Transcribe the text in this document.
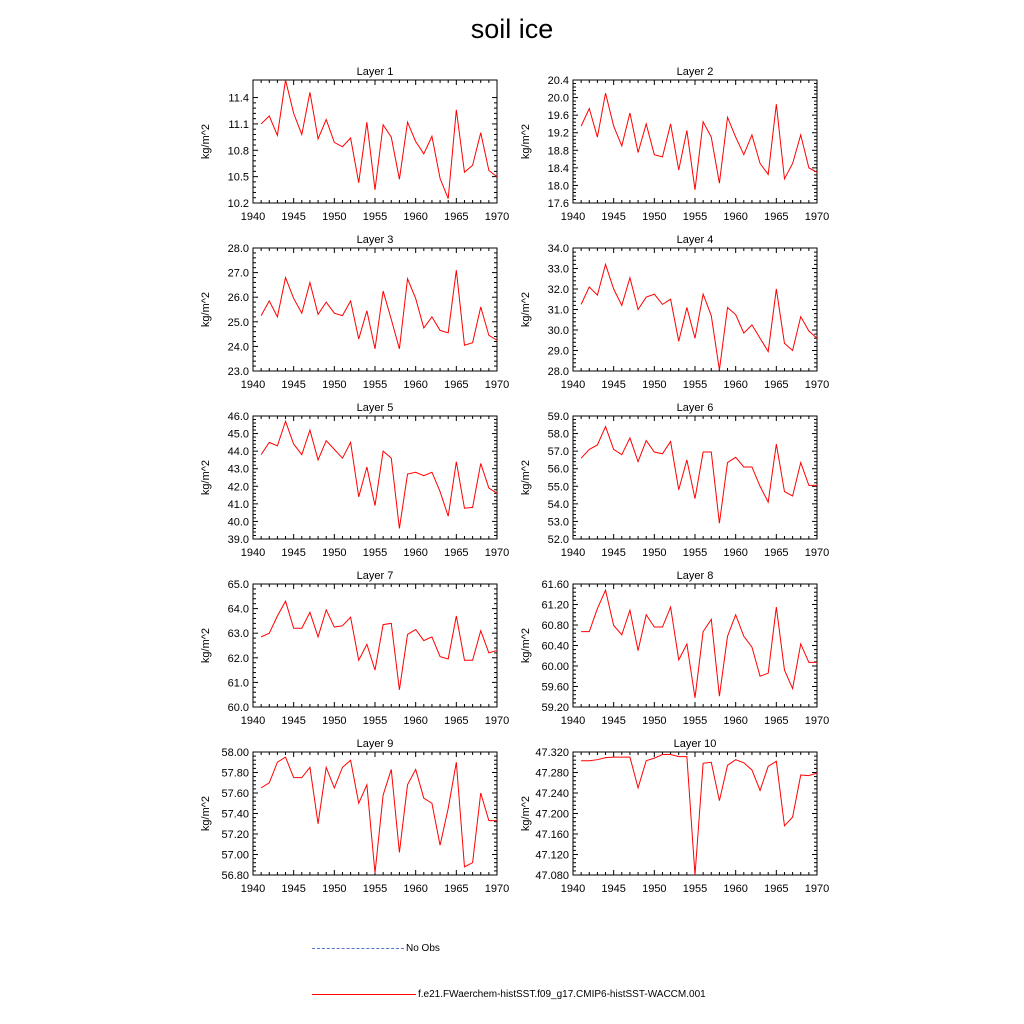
soil ice
Layer 1
kg/m^2
1940 1945 1950 1955 1960 1965 1970
10.2
10.5
10.8
11.1
11.4
Layer 2
kg/m^2
1940 1945 1950 1955 1960 1965 1970
17.6
18.0
18.4
18.8
19.2
19.6
20.0
20.4
Layer 3
kg/m^2
1940 1945 1950 1955 1960 1965 1970
23.0
24.0
25.0
26.0
27.0
28.0
Layer 4
kg/m^2
1940 1945 1950 1955 1960 1965 1970
28.0
29.0
30.0
31.0
32.0
33.0
34.0
Layer 5
kg/m^2
1940 1945 1950 1955 1960 1965 1970
39.0
40.0
41.0
42.0
43.0
44.0
45.0
46.0
Layer 6
kg/m^2
1940 1945 1950 1955 1960 1965 1970
52.0
53.0
54.0
55.0
56.0
57.0
58.0
59.0
Layer 7
kg/m^2
1940 1945 1950 1955 1960 1965 1970
60.0
61.0
62.0
63.0
64.0
65.0
Layer 8
kg/m^2
1940 1945 1950 1955 1960 1965 1970
59.20
59.60
60.00
60.40
60.80
61.20
61.60
Layer 9
kg/m^2
1940 1945 1950 1955 1960 1965 1970
56.80
57.00
57.20
57.40
57.60
57.80
58.00
Layer 10
kg/m^2
1940 1945 1950 1955 1960 1965 1970
47.080
47.120
47.160
47.200
47.240
47.280
47.320
No Obs
f.e21.FWaerchem-histSST.f09_g17.CMIP6-histSST-WACCM.001
